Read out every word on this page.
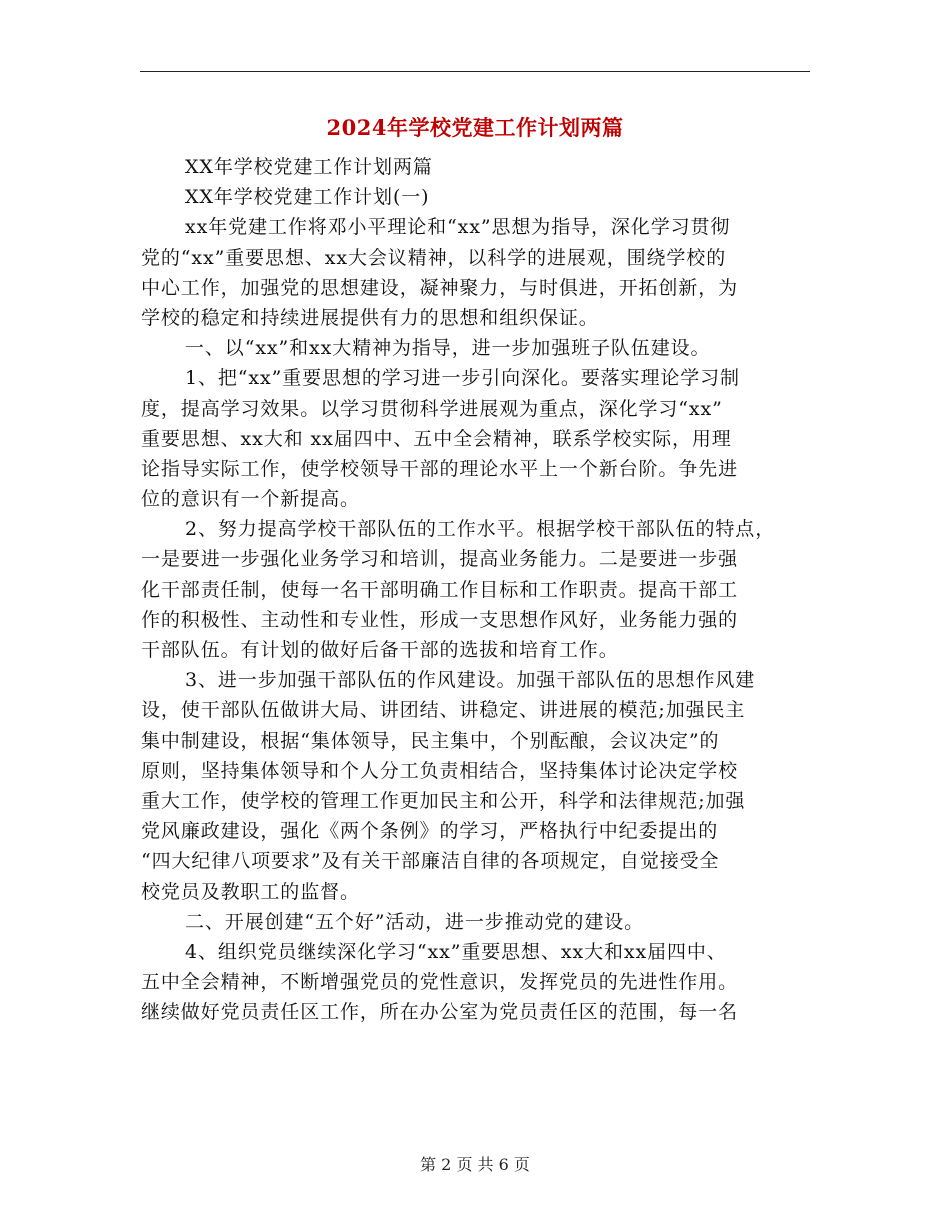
2024年学校党建工作计划两篇
XX年学校党建工作计划两篇
XX年学校党建工作计划(一)
xx年党建工作将邓小平理论和“xx”思想为指导，深化学习贯彻
党的“xx”重要思想、xx大会议精神，以科学的进展观，围绕学校的
中心工作，加强党的思想建设，凝神聚力，与时俱进，开拓创新，为
学校的稳定和持续进展提供有力的思想和组织保证。
一、以“xx”和xx大精神为指导，进一步加强班子队伍建设。
1、把“xx”重要思想的学习进一步引向深化。要落实理论学习制
度，提高学习效果。以学习贯彻科学进展观为重点，深化学习“xx”
重要思想、xx大和 xx届四中、五中全会精神，联系学校实际，用理
论指导实际工作，使学校领导干部的理论水平上一个新台阶。争先进
位的意识有一个新提高。
2、努力提高学校干部队伍的工作水平。根据学校干部队伍的特点，
一是要进一步强化业务学习和培训，提高业务能力。二是要进一步强
化干部责任制，使每一名干部明确工作目标和工作职责。提高干部工
作的积极性、主动性和专业性，形成一支思想作风好，业务能力强的
干部队伍。有计划的做好后备干部的选拔和培育工作。
3、进一步加强干部队伍的作风建设。加强干部队伍的思想作风建
设，使干部队伍做讲大局、讲团结、讲稳定、讲进展的模范;加强民主
集中制建设，根据“集体领导，民主集中，个别酝酿，会议决定”的
原则，坚持集体领导和个人分工负责相结合，坚持集体讨论决定学校
重大工作，使学校的管理工作更加民主和公开，科学和法律规范;加强
党风廉政建设，强化《两个条例》的学习，严格执行中纪委提出的
“四大纪律八项要求”及有关干部廉洁自律的各项规定，自觉接受全
校党员及教职工的监督。
二、开展创建“五个好”活动，进一步推动党的建设。
4、组织党员继续深化学习“xx”重要思想、xx大和xx届四中、
五中全会精神，不断增强党员的党性意识，发挥党员的先进性作用。
继续做好党员责任区工作，所在办公室为党员责任区的范围，每一名
第 2 页 共 6 页
